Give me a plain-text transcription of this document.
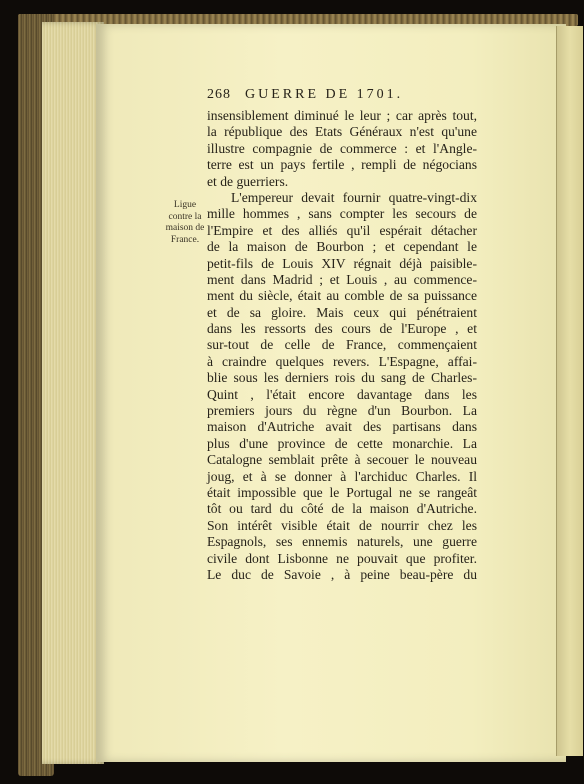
Ligue
contre la
maison de
France.
268 GUERRE DE 1701.
insensiblement diminué le leur ; car après tout,
la république des Etats Généraux n'est qu'une
illustre compagnie de commerce : et l'Angle-
terre est un pays fertile , rempli de négocians
et de guerriers.
L'empereur devait fournir quatre-vingt-dix
mille hommes , sans compter les secours de
l'Empire et des alliés qu'il espérait détacher
de la maison de Bourbon ; et cependant le
petit-fils de Louis XIV régnait déjà paisible-
ment dans Madrid ; et Louis , au commence-
ment du siècle, était au comble de sa puissance
et de sa gloire. Mais ceux qui pénétraient
dans les ressorts des cours de l'Europe , et
sur-tout de celle de France, commençaient
à craindre quelques revers. L'Espagne, affai-
blie sous les derniers rois du sang de Charles-
Quint , l'était encore davantage dans les
premiers jours du règne d'un Bourbon. La
maison d'Autriche avait des partisans dans
plus d'une province de cette monarchie. La
Catalogne semblait prête à secouer le nouveau
joug, et à se donner à l'archiduc Charles. Il
était impossible que le Portugal ne se rangeât
tôt ou tard du côté de la maison d'Autriche.
Son intérêt visible était de nourrir chez les
Espagnols, ses ennemis naturels, une guerre
civile dont Lisbonne ne pouvait que profiter.
Le duc de Savoie , à peine beau-père du
